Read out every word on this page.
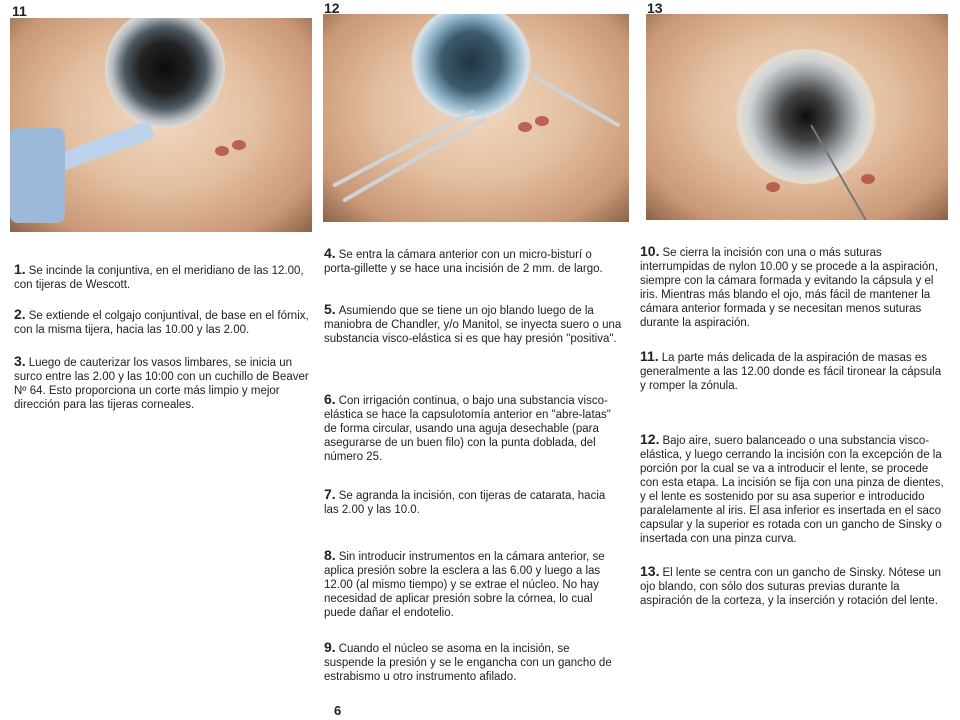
11	12	13
1. Se incinde la conjuntiva, en el meridiano de las 12.00, con tijeras de Wescott.
2. Se extiende el colgajo conjuntival, de base en el fórnix, con la misma tijera, hacia las 10.00 y las 2.00.
3. Luego de cauterizar los vasos limbares, se inicia un surco entre las 2.00 y las 10:00 con un cuchillo de Beaver Nº 64. Esto proporciona un corte más limpio y mejor dirección para las tijeras corneales.
4. Se entra la cámara anterior con un micro-bisturí o porta-gillette y se hace una incisión de 2 mm. de largo.
5. Asumiendo que se tiene un ojo blando luego de la maniobra de Chandler, y/o Manitol, se inyecta suero o una substancia visco-elástica si es que hay presión "positiva".
6. Con irrigación continua, o bajo una substancia visco-elástica se hace la capsulotomía anterior en "abre-latas" de forma circular, usando una aguja desechable (para asegurarse de un buen filo) con la punta doblada, del número 25.
7. Se agranda la incisión, con tijeras de catarata, hacia las 2.00 y las 10.0.
8. Sin introducir instrumentos en la cámara anterior, se aplica presión sobre la esclera a las 6.00 y luego a las 12.00 (al mismo tiempo) y se extrae el núcleo. No hay necesidad de aplicar presión sobre la córnea, lo cual puede dañar el endotelio.
9. Cuando el núcleo se asoma en la incisión, se suspende la presión y se le engancha con un gancho de estrabismo u otro instrumento afilado.
6
10. Se cierra la incisión con una o más suturas interrumpidas de nylon 10.00 y se procede a la aspiración, siempre con la cámara formada y evitando la cápsula y el iris. Mientras más blando el ojo, más fácil de mantener la cámara anterior formada y se necesitan menos suturas durante la aspiración.
11. La parte más delicada de la aspiración de masas es generalmente a las 12.00 donde es fácil tironear la cápsula y romper la zónula.
12. Bajo aire, suero balanceado o una substancia visco-elástica, y luego cerrando la incisión con la excepción de la porción por la cual se va a introducir el lente, se procede con esta etapa. La incisión se fija con una pinza de dientes, y el lente es sostenido por su asa superior e introducido paralelamente al iris. El asa inferior es insertada en el saco capsular y la superior es rotada con un gancho de Sinsky o insertada con una pinza curva.
13. El lente se centra con un gancho de Sinsky. Nótese un ojo blando, con sólo dos suturas previas durante la aspiración de la corteza, y la inserción y rotación del lente.
